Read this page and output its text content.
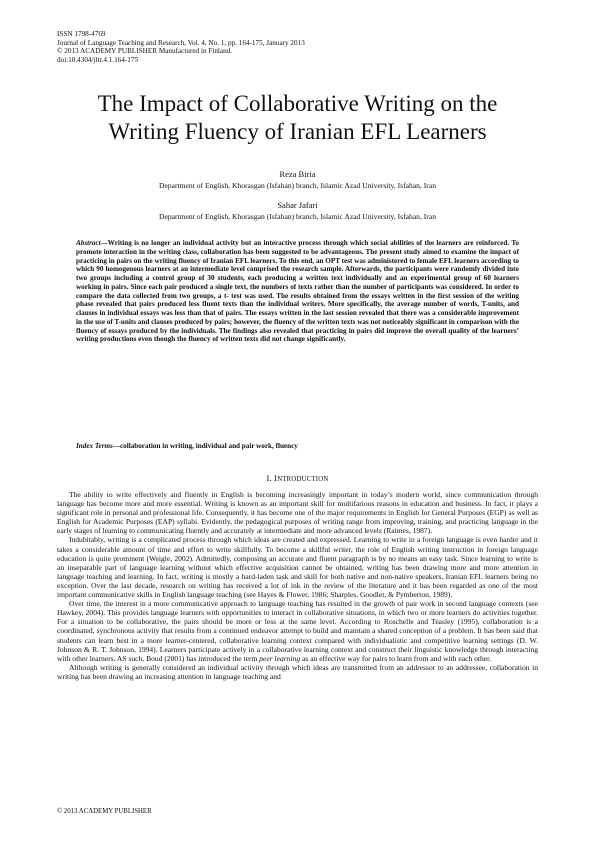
ISSN 1798-4769
Journal of Language Teaching and Research, Vol. 4, No. 1, pp. 164-175, January 2013
© 2013 ACADEMY PUBLISHER Manufactured in Finland.
doi:10.4304/jltr.4.1.164-175
The Impact of Collaborative Writing on the
Writing Fluency of Iranian EFL Learners
Reza Biria
Department of English, Khorasgan (Isfahan) branch, Islamic Azad University, Isfahan, Iran
Sahar Jafari
Department of English, Khorasgan (Isfahan) branch, Islamic Azad University, Isfahan, Iran
Abstract—Writing is no longer an individual activity but an interactive process through which social abilities of the learners are reinforced. To promote interaction in the writing class, collaboration has been suggested to be advantageous. The present study aimed to examine the impact of practicing in pairs on the writing fluency of Iranian EFL learners. To this end, an OPT test was administered to female EFL learners according to which 90 homogenous learners at an intermediate level comprised the research sample. Afterwards, the participants were randomly divided into two groups including a control group of 30 students, each producing a written text individually and an experimental group of 60 learners working in pairs. Since each pair produced a single text, the numbers of texts rather than the number of participants was considered. In order to compare the data collected from two groups, a t- test was used. The results obtained from the essays written in the first session of the writing phase revealed that pairs produced less fluent texts than the individual writers. More specifically, the average number of words, T-units, and clauses in individual essays was less than that of pairs. The essays written in the last session revealed that there was a considerable improvement in the use of T-units and clauses produced by pairs; however, the fluency of the written texts was not noticeably significant in comparison with the fluency of essays produced by the individuals. The findings also revealed that practicing in pairs did improve the overall quality of the learners’ writing productions even though the fluency of written texts did not change significantly.
Index Terms—collaboration in writing, individual and pair work, fluency
I. INTRODUCTION

The ability to write effectively and fluently in English is becoming increasingly important in today’s modern world, since communication through language has become more and more essential. Writing is known as an important skill for multifarious reasons in education and business. In fact, it plays a significant role in personal and professional life. Consequently, it has become one of the major requirements in English for General Purposes (EGP) as well as English for Academic Purposes (EAP) syllabi. Evidently, the pedagogical purposes of writing range from improving, training, and practicing language in the early stages of learning to communicating fluently and accurately at intermediate and more advanced levels (Raimes, 1987).

Indubitably, writing is a complicated process through which ideas are created and expressed. Learning to write in a foreign language is even harder and it takes a considerable amount of time and effort to write skillfully. To become a skillful writer, the role of English writing instruction in foreign language education is quite prominent (Weigle, 2002). Admittedly, composing an accurate and fluent paragraph is by no means an easy task. Since learning to write is an inseparable part of language learning without which effective acquisition cannot be obtained, writing has been drawing more and more attention in language teaching and learning. In fact, writing is mostly a hard-laden task and skill for both native and non-native speakers, Iranian EFL learners being no exception. Over the last decade, research on writing has received a lot of ink in the review of the literature and it has been regarded as one of the most important communicative skills in English language teaching (see Hayes & Flower, 1986; Sharples, Goodlet, & Pymberton, 1989).

Over time, the interest in a more communicative approach to language teaching has resulted in the growth of pair work in second language contexts (see Hawkey, 2004). This provides language learners with opportunities to interact in collaborative situations, in which two or more learners do activities together. For a situation to be collaborative, the pairs should be more or less at the same level. According to Roschelle and Teasley (1995), collaboration is a coordinated, synchronous activity that results from a continued endeavor attempt to build and maintain a shared conception of a problem. It has been said that students can learn best in a more learner-centered, collaborative learning context compared with individualistic and competitive learning settings (D. W. Johnson & R. T. Johnson, 1994). Learners participate actively in a collaborative learning context and construct their linguistic knowledge through interacting with other learners. AS such, Boud (2001) has introduced the term peer learning as an effective way for pairs to learn from and with each other.

Although writing is generally considered an individual activity through which ideas are transmitted from an addressor to an addressee, collaboration in writing has been drawing an increasing attention in language teaching and

© 2013 ACADEMY PUBLISHER
